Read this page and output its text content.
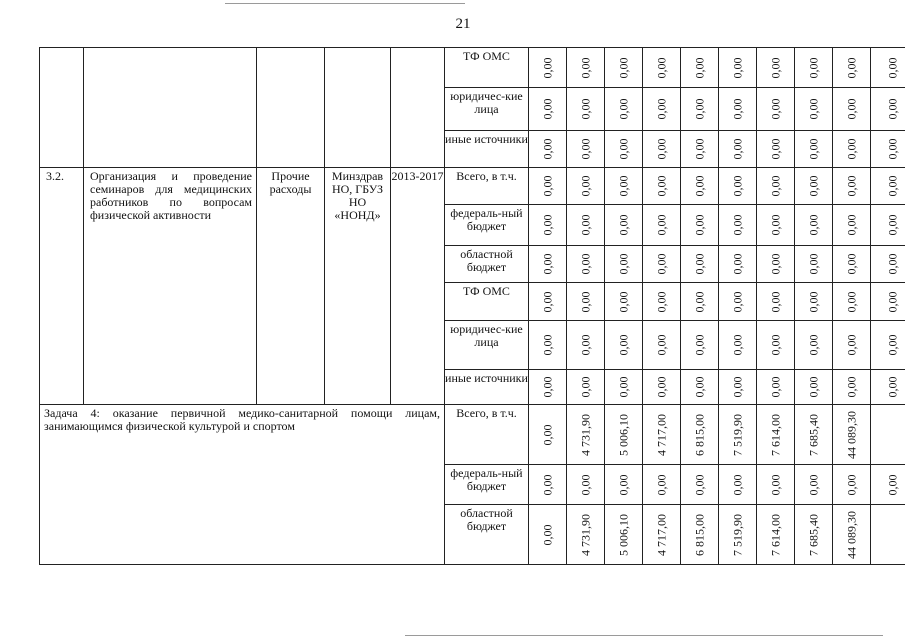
21
					ТФ ОМС	0,00	0,00	0,00	0,00	0,00	0,00	0,00	0,00	0,00	0,00

					юридичес-кие лица	0,00	0,00	0,00	0,00	0,00	0,00	0,00	0,00	0,00	0,00

					иные источники	0,00	0,00	0,00	0,00	0,00	0,00	0,00	0,00	0,00	0,00

3.2.	Организация и проведение семинаров для медицинских работников по вопросам физической активности	Прочие расходы	Минздрав НО, ГБУЗ НО «НОНД»	2013-2017	Всего, в т.ч.	0,00	0,00	0,00	0,00	0,00	0,00	0,00	0,00	0,00	0,00

					федераль-ный бюджет	0,00	0,00	0,00	0,00	0,00	0,00	0,00	0,00	0,00	0,00

					областной бюджет	0,00	0,00	0,00	0,00	0,00	0,00	0,00	0,00	0,00	0,00

					ТФ ОМС	0,00	0,00	0,00	0,00	0,00	0,00	0,00	0,00	0,00	0,00

					юридичес-кие лица	0,00	0,00	0,00	0,00	0,00	0,00	0,00	0,00	0,00	0,00

					иные источники	0,00	0,00	0,00	0,00	0,00	0,00	0,00	0,00	0,00	0,00

Задача 4: оказание первичной медико-санитарной помощи лицам, занимающимся физической культурой и спортом					Всего, в т.ч.	0,00	4 731,90	5 006,10	4 717,00	6 815,00	7 519,90	7 614,00	7 685,40	44 089,30	

					федераль-ный бюджет	0,00	0,00	0,00	0,00	0,00	0,00	0,00	0,00	0,00	0,00

					областной бюджет	0,00	4 731,90	5 006,10	4 717,00	6 815,00	7 519,90	7 614,00	7 685,40	44 089,30	
